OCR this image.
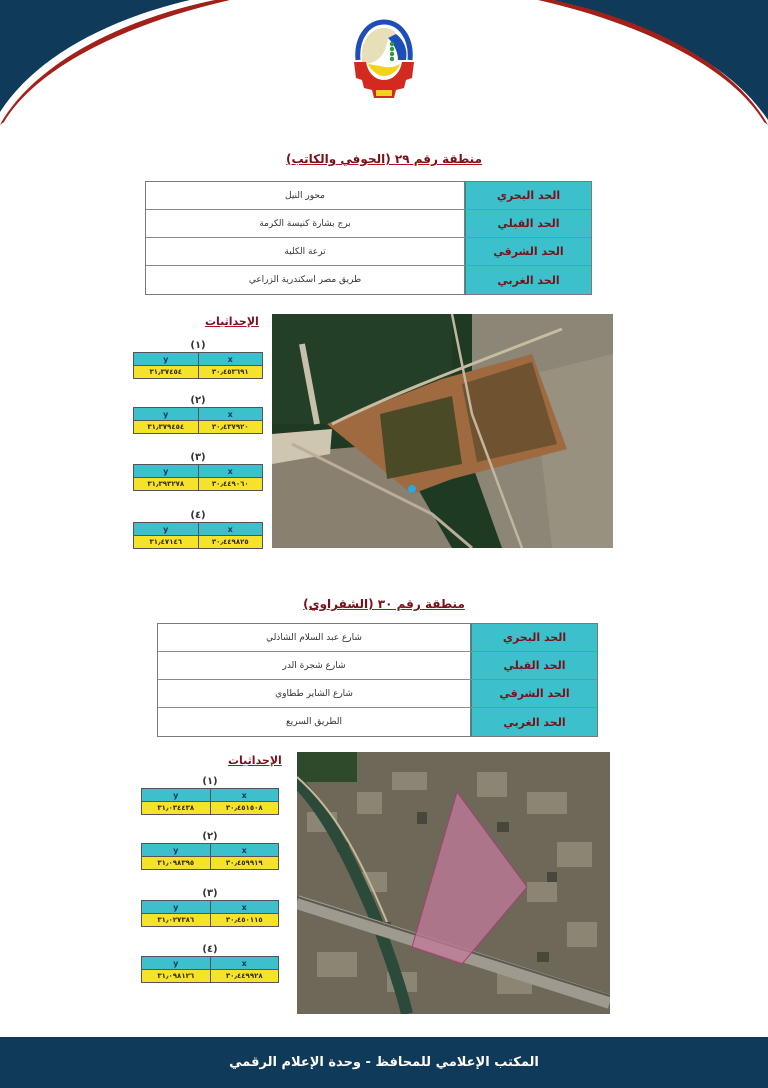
منطقة رقم ٢٩ (الحوفي والكاتب)
محور النيل	الحد البحري
برج بشارة كنيسة الكرمة	الحد القبلي
ترعة الكلية	الحد الشرقي
طريق مصر اسكندرية الزراعي	الحد الغربي
الإحداثيات
(١)
y	x
٣١٫٣٧٤٥٤	٣٠٫٤٥٣٦٩١
(٢)
y	x
٣١٫٣٧٩٤٥٤	٣٠٫٤٣٧٩٢٠
(٣)
y	x
٣١٫٣٩٣٢٧٨	٣٠٫٤٤٩٠٦٠
(٤)
y	x
٣١٫٤٧١٤٦	٣٠٫٤٤٩٨٢٥
منطقة رقم ٣٠ (الشقراوي)
شارع عبد السلام الشاذلي	الحد البحري
شارع شجرة الدر	الحد القبلي
شارع الشاير ططاوي	الحد الشرقي
الطريق السريع	الحد الغربي
الإحداثيات
(١)
y	x
٣١٫٠٣٤٤٣٨	٣٠٫٤٥١٥٠٨
(٢)
y	x
٣١٫٠٩٨٣٩٥	٣٠٫٤٥٩٩١٩
(٣)
y	x
٣١٫٠٢٧٣٨٦	٣٠٫٤٥٠١١٥
(٤)
y	x
٣١٫٠٩٨١٢٦	٣٠٫٤٤٩٩٢٨
المكتب الإعلامي للمحافظ - وحدة الإعلام الرقمي
